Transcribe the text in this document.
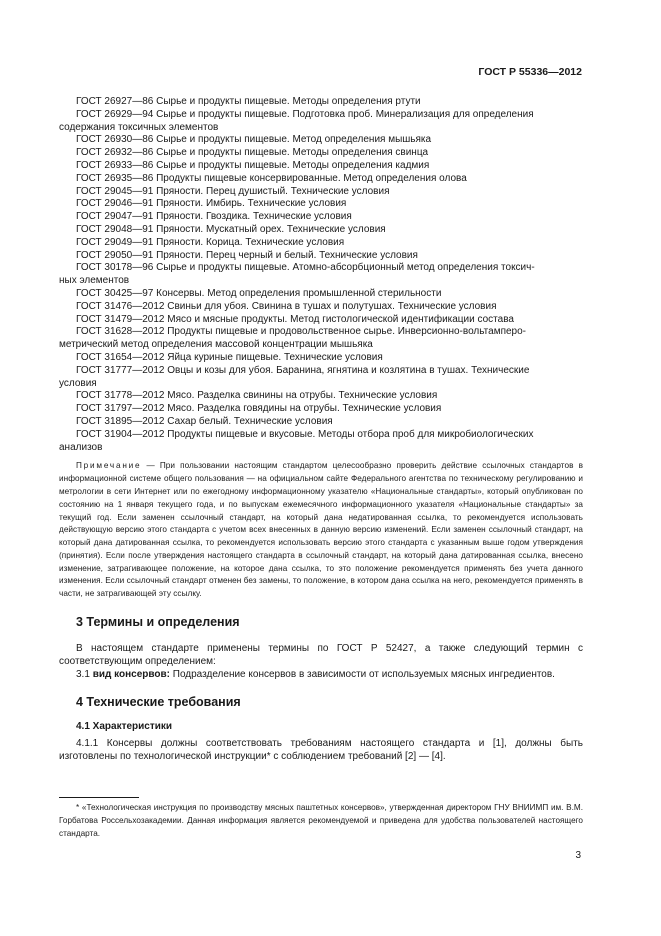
ГОСТ Р 55336—2012
ГОСТ 26927—86 Сырье и продукты пищевые. Методы определения ртути
ГОСТ 26929—94 Сырье и продукты пищевые. Подготовка проб. Минерализация для определения
содержания токсичных элементов
ГОСТ 26930—86 Сырье и продукты пищевые. Метод определения мышьяка
ГОСТ 26932—86 Сырье и продукты пищевые. Методы определения свинца
ГОСТ 26933—86 Сырье и продукты пищевые. Методы определения кадмия
ГОСТ 26935—86 Продукты пищевые консервированные. Метод определения олова
ГОСТ 29045—91 Пряности. Перец душистый. Технические условия
ГОСТ 29046—91 Пряности. Имбирь. Технические условия
ГОСТ 29047—91 Пряности. Гвоздика. Технические условия
ГОСТ 29048—91 Пряности. Мускатный орех. Технические условия
ГОСТ 29049—91 Пряности. Корица. Технические условия
ГОСТ 29050—91 Пряности. Перец черный и белый. Технические условия
ГОСТ 30178—96 Сырье и продукты пищевые. Атомно-абсорбционный метод определения токсич-
ных элементов
ГОСТ 30425—97 Консервы. Метод определения промышленной стерильности
ГОСТ 31476—2012 Свиньи для убоя. Свинина в тушах и полутушах. Технические условия
ГОСТ 31479—2012 Мясо и мясные продукты. Метод гистологической идентификации состава
ГОСТ 31628—2012 Продукты пищевые и продовольственное сырье. Инверсионно-вольтамперо-
метрический метод определения массовой концентрации мышьяка
ГОСТ 31654—2012 Яйца куриные пищевые. Технические условия
ГОСТ 31777—2012 Овцы и козы для убоя. Баранина, ягнятина и козлятина в тушах. Технические
условия
ГОСТ 31778—2012 Мясо. Разделка свинины на отрубы. Технические условия
ГОСТ 31797—2012 Мясо. Разделка говядины на отрубы. Технические условия
ГОСТ 31895—2012 Сахар белый. Технические условия
ГОСТ 31904—2012 Продукты пищевые и вкусовые. Методы отбора проб для микробиологических
анализов
Примечание — При пользовании настоящим стандартом целесообразно проверить действие ссылочных стандартов в информационной системе общего пользования — на официальном сайте Федерального агентства по техническому регулированию и метрологии в сети Интернет или по ежегодному информационному указателю «Национальные стандарты», который опубликован по состоянию на 1 января текущего года, и по выпускам ежемесячного информационного указателя «Национальные стандарты» за текущий год. Если заменен ссылочный стандарт, на который дана недатированная ссылка, то рекомендуется использовать действующую версию этого стандарта с учетом всех внесенных в данную версию изменений. Если заменен ссылочный стандарт, на который дана датированная ссылка, то рекомендуется использовать версию этого стандарта с указанным выше годом утверждения (принятия). Если после утверждения настоящего стандарта в ссылочный стандарт, на который дана датированная ссылка, внесено изменение, затрагивающее положение, на которое дана ссылка, то это положение рекомендуется применять без учета данного изменения. Если ссылочный стандарт отменен без замены, то положение, в котором дана ссылка на него, рекомендуется применять в части, не затрагивающей эту ссылку.
3 Термины и определения
В настоящем стандарте применены термины по ГОСТ Р 52427, а также следующий термин с соответствующим определением:
3.1 вид консервов: Подразделение консервов в зависимости от используемых мясных ингредиентов.
4 Технические требования
4.1 Характеристики
4.1.1 Консервы должны соответствовать требованиям настоящего стандарта и [1], должны быть изготовлены по технологической инструкции* с соблюдением требований [2] — [4].
* «Технологическая инструкция по производству мясных паштетных консервов», утвержденная директором ГНУ ВНИИМП им. В.М. Горбатова Россельхозакадемии. Данная информация является рекомендуемой и приведена для удобства пользователей настоящего стандарта.
3
